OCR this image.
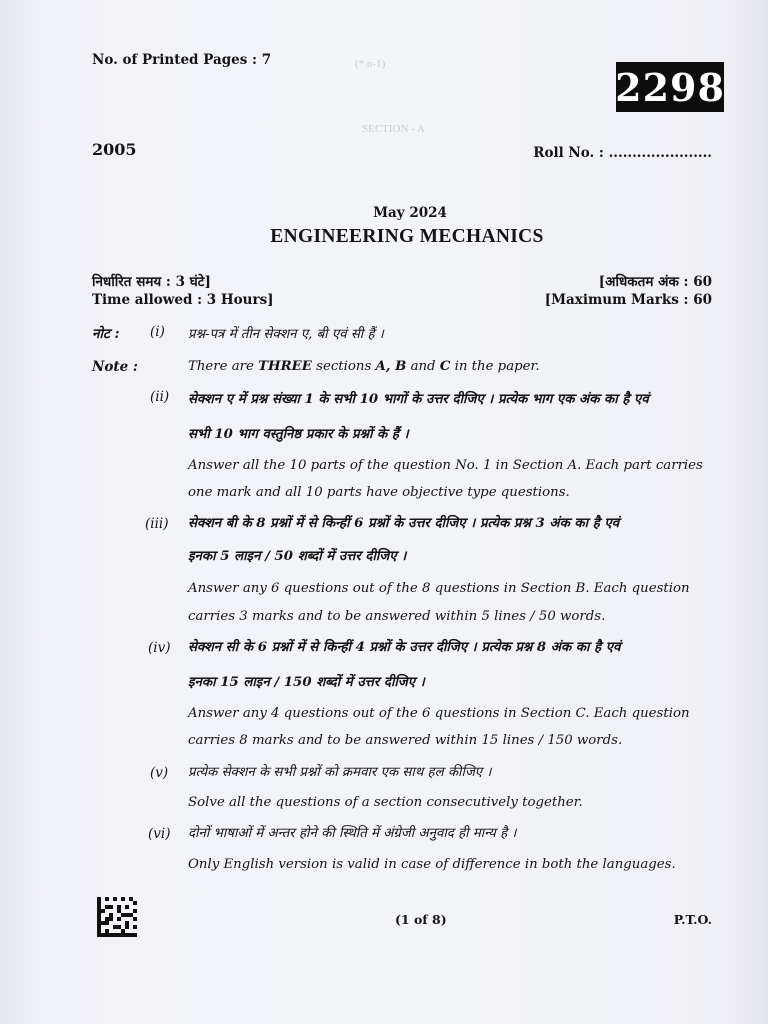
(* n-1)
SECTION - A
No. of Printed Pages : 7
2298
2005	Roll No. : ......................
May 2024
ENGINEERING MECHANICS
निर्धारित समय : 3 घंटे]
Time allowed : 3 Hours]
[अधिकतम अंक : 60
[Maximum Marks : 60
नोट : (i) प्रश्न-पत्र में तीन सेक्शन ए, बी एवं सी हैं ।
Note :	There are THREE sections A, B and C in the paper.
(ii) सेक्शन ए में प्रश्न संख्या 1 के सभी 10 भागों के उत्तर दीजिए । प्रत्येक भाग एक अंक का है एवं
सभी 10 भाग वस्तुनिष्ठ प्रकार के प्रश्नों के हैं ।
Answer all the 10 parts of the question No. 1 in Section A. Each part carries
one mark and all 10 parts have objective type questions.
(iii) सेक्शन बी के 8 प्रश्नों में से किन्हीं 6 प्रश्नों के उत्तर दीजिए । प्रत्येक प्रश्न 3 अंक का है एवं
इनका 5 लाइन / 50 शब्दों में उत्तर दीजिए ।
Answer any 6 questions out of the 8 questions in Section B. Each question
carries 3 marks and to be answered within 5 lines / 50 words.
(iv) सेक्शन सी के 6 प्रश्नों में से किन्हीं 4 प्रश्नों के उत्तर दीजिए । प्रत्येक प्रश्न 8 अंक का है एवं
इनका 15 लाइन / 150 शब्दों में उत्तर दीजिए ।
Answer any 4 questions out of the 6 questions in Section C. Each question
carries 8 marks and to be answered within 15 lines / 150 words.
(v) प्रत्येक सेक्शन के सभी प्रश्नों को क्रमवार एक साथ हल कीजिए ।
Solve all the questions of a section consecutively together.
(vi) दोनों भाषाओं में अन्तर होने की स्थिति में अंग्रेजी अनुवाद ही मान्य है ।
Only English version is valid in case of difference in both the languages.
(1 of 8)	P.T.O.
